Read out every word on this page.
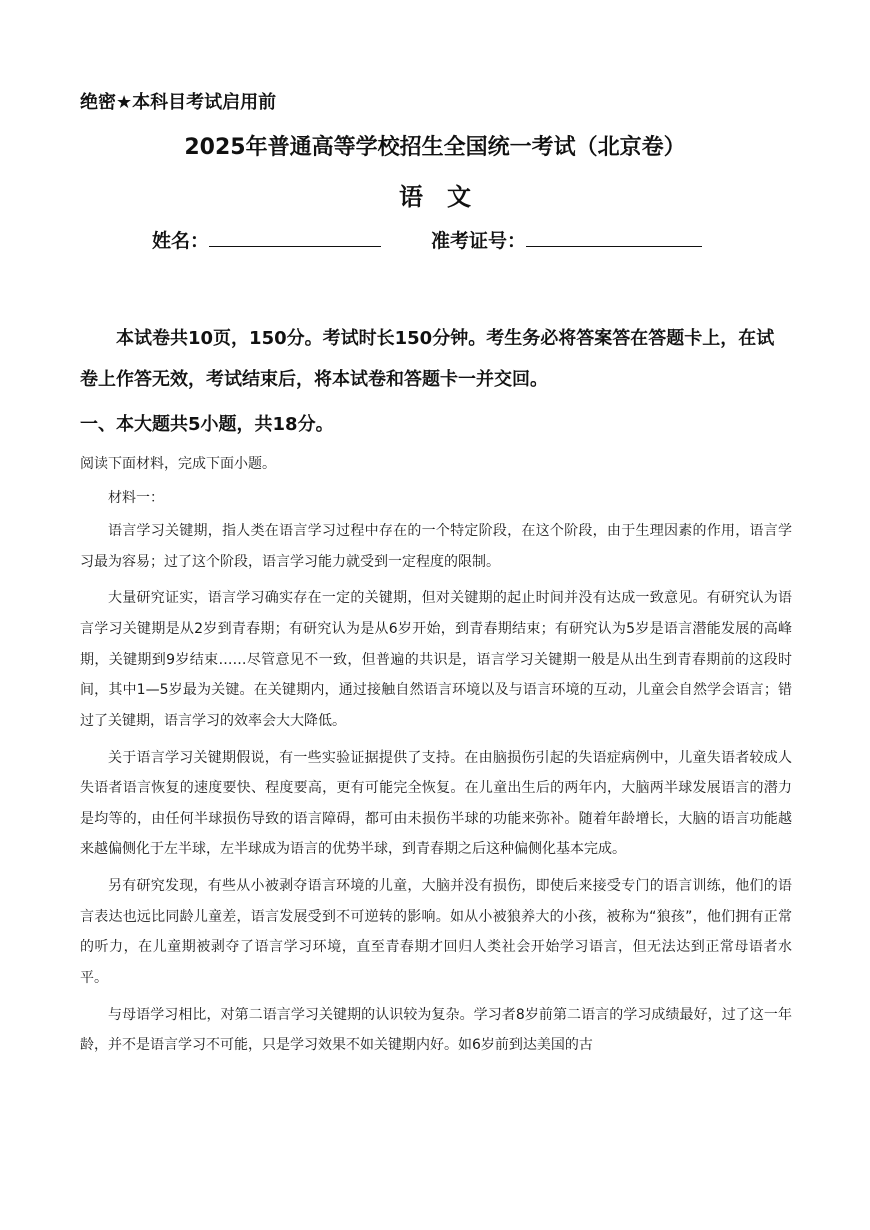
绝密★本科目考试启用前
2025年普通高等学校招生全国统一考试（北京卷）
语文
姓名：	准考证号：

本试卷共10页，150分。考试时长150分钟。考生务必将答案答在答题卡上，在试卷上作答无效，考试结束后，将本试卷和答题卡一并交回。

一、本大题共5小题，共18分。
阅读下面材料，完成下面小题。
材料一：

语言学习关键期，指人类在语言学习过程中存在的一个特定阶段，在这个阶段，由于生理因素的作用，语言学习最为容易；过了这个阶段，语言学习能力就受到一定程度的限制。

大量研究证实，语言学习确实存在一定的关键期，但对关键期的起止时间并没有达成一致意见。有研究认为语言学习关键期是从2岁到青春期；有研究认为是从6岁开始，到青春期结束；有研究认为5岁是语言潜能发展的高峰期，关键期到9岁结束……尽管意见不一致，但普遍的共识是，语言学习关键期一般是从出生到青春期前的这段时间，其中1—5岁最为关键。在关键期内，通过接触自然语言环境以及与语言环境的互动，儿童会自然学会语言；错过了关键期，语言学习的效率会大大降低。

关于语言学习关键期假说，有一些实验证据提供了支持。在由脑损伤引起的失语症病例中，儿童失语者较成人失语者语言恢复的速度要快、程度要高，更有可能完全恢复。在儿童出生后的两年内，大脑两半球发展语言的潜力是均等的，由任何半球损伤导致的语言障碍，都可由未损伤半球的功能来弥补。随着年龄增长，大脑的语言功能越来越偏侧化于左半球，左半球成为语言的优势半球，到青春期之后这种偏侧化基本完成。

另有研究发现，有些从小被剥夺语言环境的儿童，大脑并没有损伤，即使后来接受专门的语言训练，他们的语言表达也远比同龄儿童差，语言发展受到不可逆转的影响。如从小被狼养大的小孩，被称为“狼孩”，他们拥有正常的听力，在儿童期被剥夺了语言学习环境，直至青春期才回归人类社会开始学习语言，但无法达到正常母语者水平。

与母语学习相比，对第二语言学习关键期的认识较为复杂。学习者8岁前第二语言的学习成绩最好，过了这一年龄，并不是语言学习不可能，只是学习效果不如关键期内好。如6岁前到达美国的古
